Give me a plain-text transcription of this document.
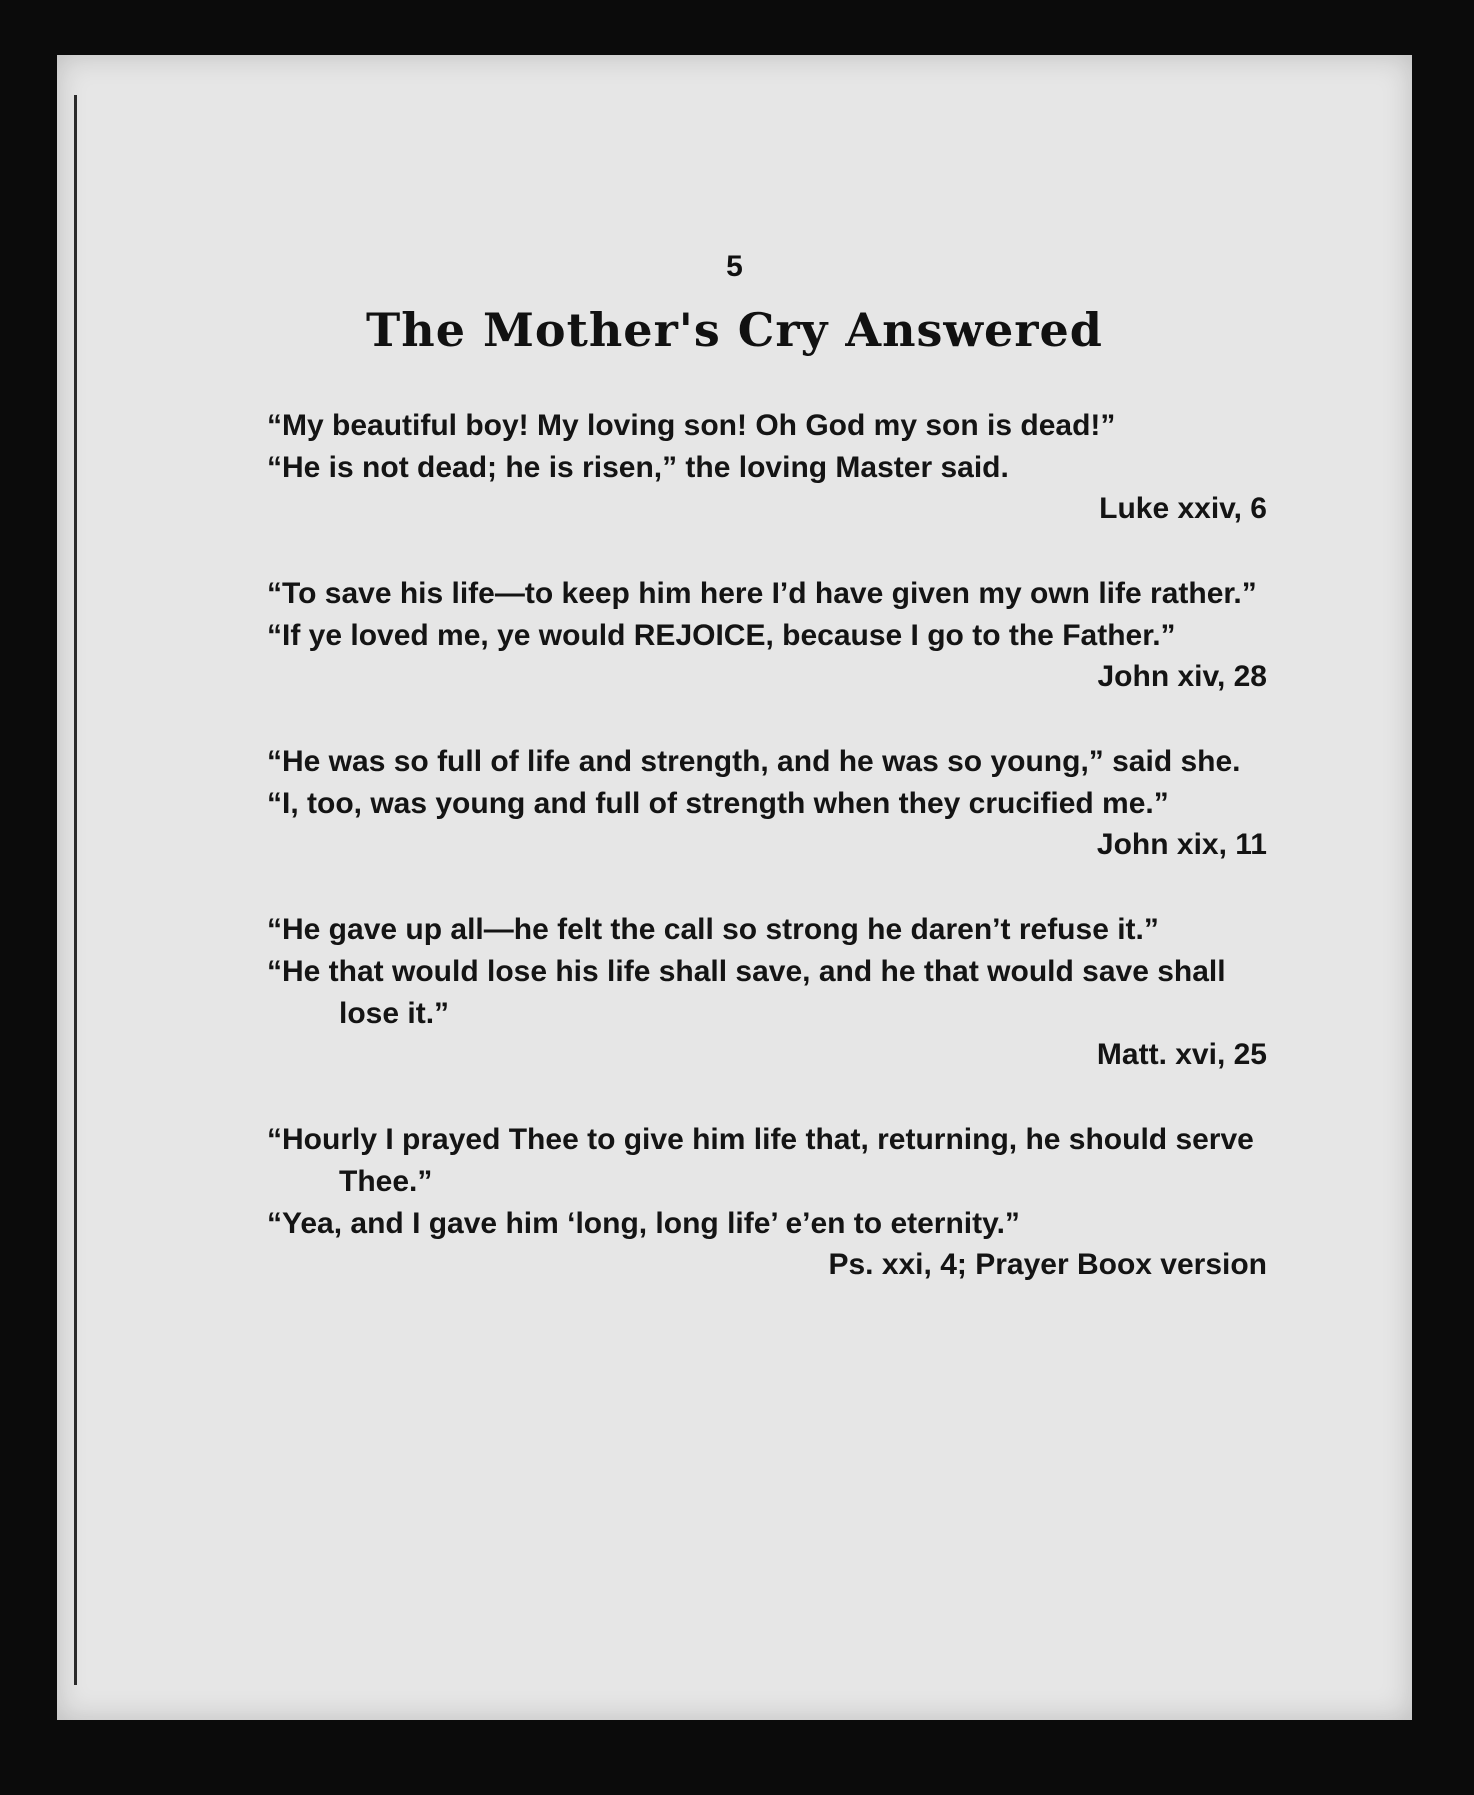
5
The Mother's Cry Answered
“My beautiful boy! My loving son! Oh God my son is dead!”
“He is not dead; he is risen,” the loving Master said.
Luke xxiv, 6
“To save his life—to keep him here I’d have given my own life rather.”
“If ye loved me, ye would REJOICE, because I go to the Father.”
John xiv, 28
“He was so full of life and strength, and he was so young,” said she.
“I, too, was young and full of strength when they crucified me.”
John xix, 11
“He gave up all—he felt the call so strong he daren’t refuse it.”
“He that would lose his life shall save, and he that would save shall lose it.”
Matt. xvi, 25
“Hourly I prayed Thee to give him life that, returning, he should serve Thee.”
“Yea, and I gave him ‘long, long life’ e’en to eternity.”
Ps. xxi, 4; Prayer Boox version
